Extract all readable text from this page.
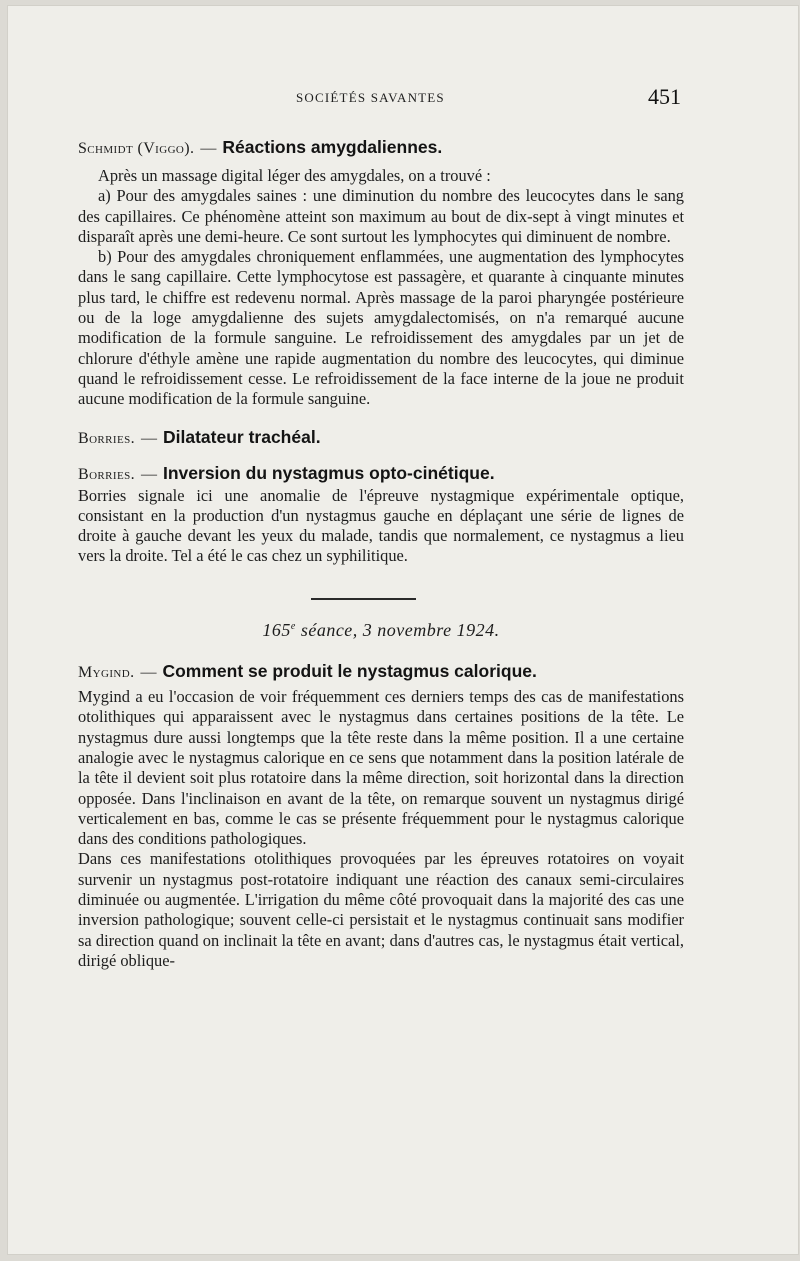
SOCIÉTÉS SAVANTES	451

Schmidt (Viggo). — Réactions amygdaliennes.

Après un massage digital léger des amygdales, on a trouvé :

a) Pour des amygdales saines : une diminution du nombre des leucocytes dans le sang des capillaires. Ce phénomène atteint son maximum au bout de dix-sept à vingt minutes et disparaît après une demi-heure. Ce sont surtout les lymphocytes qui diminuent de nombre.

b) Pour des amygdales chroniquement enflammées, une augmentation des lymphocytes dans le sang capillaire. Cette lymphocytose est passagère, et quarante à cinquante minutes plus tard, le chiffre est redevenu normal. Après massage de la paroi pharyngée postérieure ou de la loge amygdalienne des sujets amygdalectomisés, on n'a remarqué aucune modification de la formule sanguine. Le refroidissement des amygdales par un jet de chlorure d'éthyle amène une rapide augmentation du nombre des leucocytes, qui diminue quand le refroidissement cesse. Le refroidissement de la face interne de la joue ne produit aucune modification de la formule sanguine.

Borries. — Dilatateur trachéal.

Borries. — Inversion du nystagmus opto-cinétique.

Borries signale ici une anomalie de l'épreuve nystagmique expérimentale optique, consistant en la production d'un nystagmus gauche en déplaçant une série de lignes de droite à gauche devant les yeux du malade, tandis que normalement, ce nystagmus a lieu vers la droite. Tel a été le cas chez un syphilitique.

165e séance, 3 novembre 1924.

Mygind. — Comment se produit le nystagmus calorique.

Mygind a eu l'occasion de voir fréquemment ces derniers temps des cas de manifestations otolithiques qui apparaissent avec le nystagmus dans certaines positions de la tête. Le nystagmus dure aussi longtemps que la tête reste dans la même position. Il a une certaine analogie avec le nystagmus calorique en ce sens que notamment dans la position latérale de la tête il devient soit plus rotatoire dans la même direction, soit horizontal dans la direction opposée. Dans l'inclinaison en avant de la tête, on remarque souvent un nystagmus dirigé verticalement en bas, comme le cas se présente fréquemment pour le nystagmus calorique dans des conditions pathologiques.

Dans ces manifestations otolithiques provoquées par les épreuves rotatoires on voyait survenir un nystagmus post-rotatoire indiquant une réaction des canaux semi-circulaires diminuée ou augmentée. L'irrigation du même côté provoquait dans la majorité des cas une inversion pathologique; souvent celle-ci persistait et le nystagmus continuait sans modifier sa direction quand on inclinait la tête en avant; dans d'autres cas, le nystagmus était vertical, dirigé oblique-
